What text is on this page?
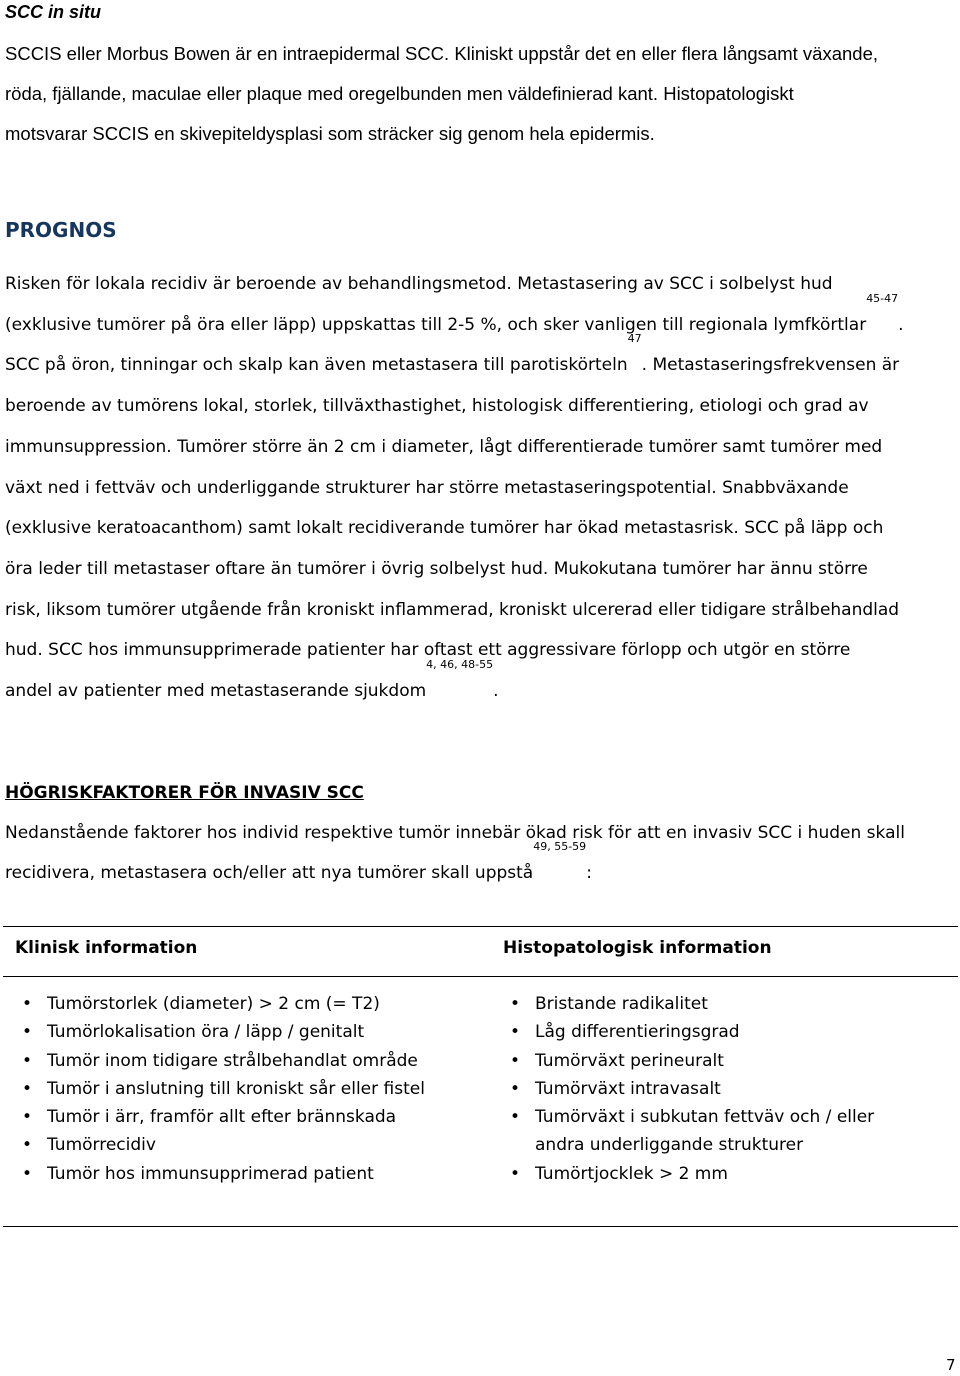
SCC in situ
SCCIS eller Morbus Bowen är en intraepidermal SCC. Kliniskt uppstår det en eller flera långsamt växande,
röda, fjällande, maculae eller plaque med oregelbunden men väldefinierad kant. Histopatologiskt
motsvarar SCCIS en skivepiteldysplasi som sträcker sig genom hela epidermis.
PROGNOS
Risken för lokala recidiv är beroende av behandlingsmetod. Metastasering av SCC i solbelyst hud
(exklusive tumörer på öra eller läpp) uppskattas till 2-5 %, och sker vanligen till regionala lymfkörtlar$^{45-47}$.
SCC på öron, tinningar och skalp kan även metastasera till parotiskörteln$^{47}$. Metastaseringsfrekvensen är
beroende av tumörens lokal, storlek, tillväxthastighet, histologisk differentiering, etiologi och grad av
immunsuppression. Tumörer större än 2 cm i diameter, lågt differentierade tumörer samt tumörer med
växt ned i fettväv och underliggande strukturer har större metastaseringspotential. Snabbväxande
(exklusive keratoacanthom) samt lokalt recidiverande tumörer har ökad metastasrisk. SCC på läpp och
öra leder till metastaser oftare än tumörer i övrig solbelyst hud. Mukokutana tumörer har ännu större
risk, liksom tumörer utgående från kroniskt inflammerad, kroniskt ulcererad eller tidigare strålbehandlad
hud. SCC hos immunsupprimerade patienter har oftast ett aggressivare förlopp och utgör en större
andel av patienter med metastaserande sjukdom$^{4, 46, 48-55}$.
HÖGRISKFAKTORER FÖR INVASIV SCC
Nedanstående faktorer hos individ respektive tumör innebär ökad risk för att en invasiv SCC i huden skall
recidivera, metastasera och/eller att nya tumörer skall uppstå$^{49, 55-59}$:
Klinisk information	Histopatologisk information
• Tumörstorlek (diameter) > 2 cm (= T2)
• Tumörlokalisation öra / läpp / genitalt
• Tumör inom tidigare strålbehandlat område
• Tumör i anslutning till kroniskt sår eller fistel
• Tumör i ärr, framför allt efter brännskada
• Tumörrecidiv
• Tumör hos immunsupprimerad patient
• Bristande radikalitet
• Låg differentieringsgrad
• Tumörväxt perineuralt
• Tumörväxt intravasalt
• Tumörväxt i subkutan fettväv och / eller andra underliggande strukturer
• Tumörtjocklek > 2 mm
7
